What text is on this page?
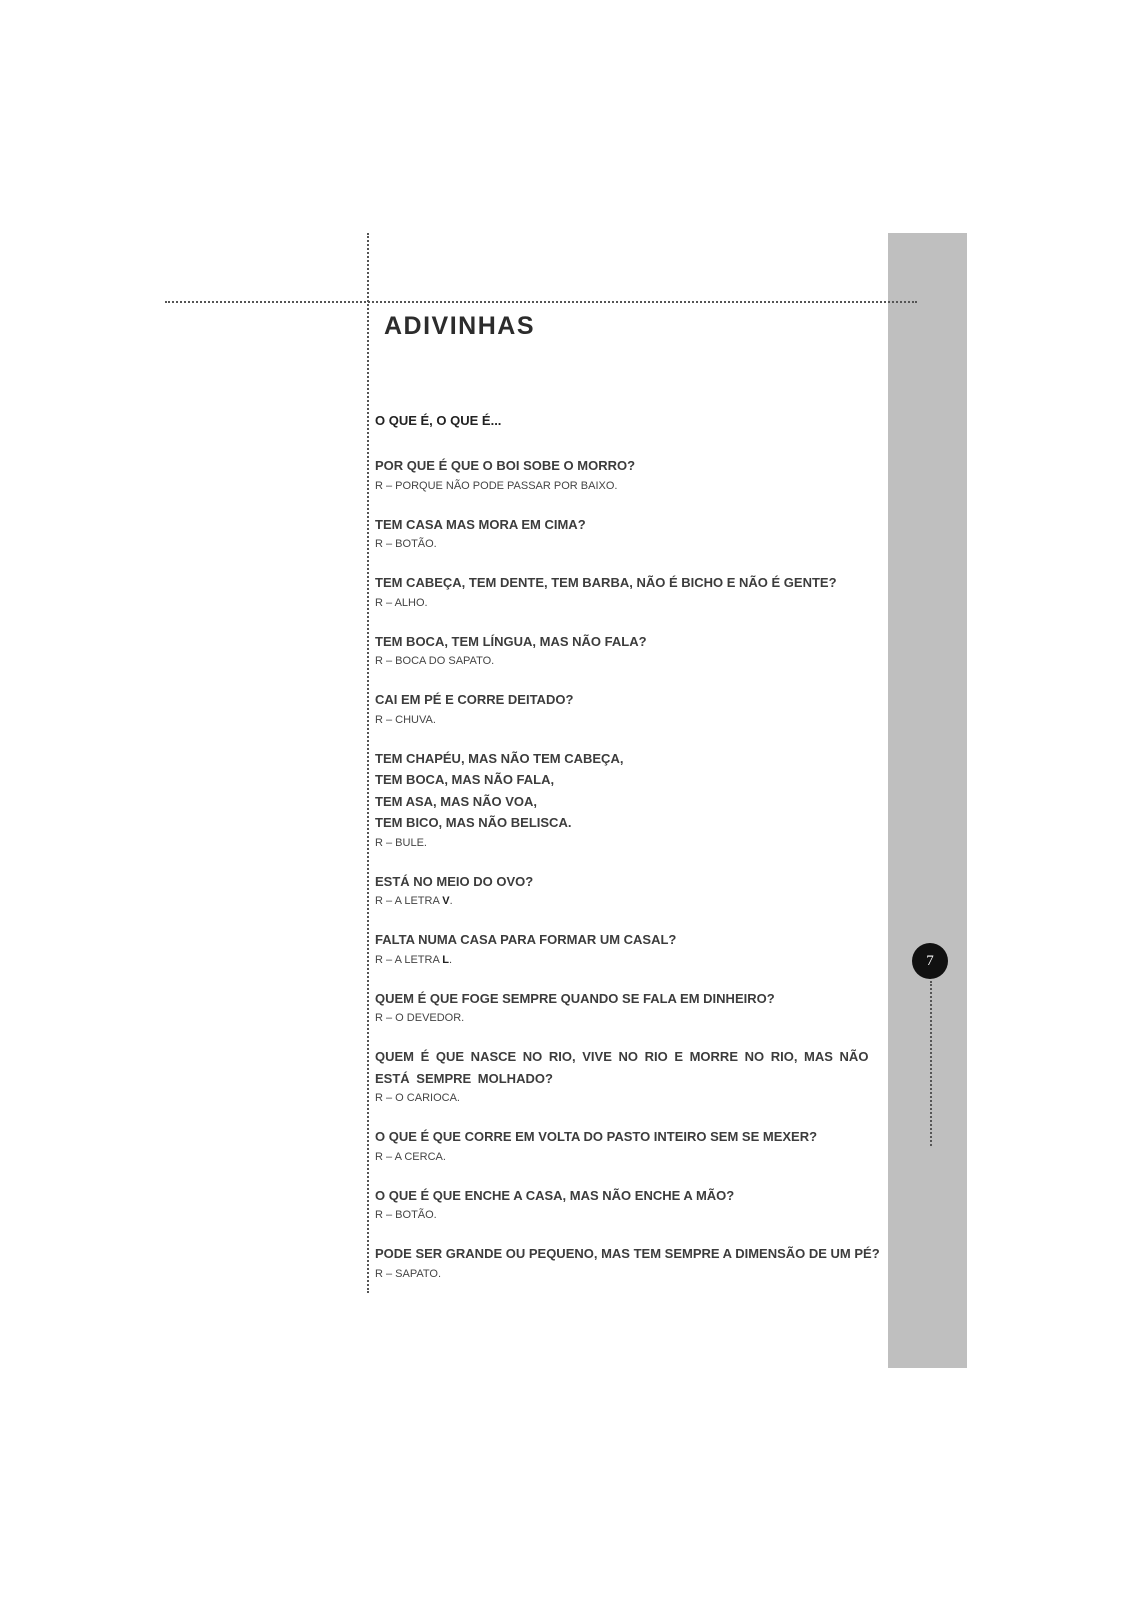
ADIVINHAS
O QUE É, O QUE É...
POR QUE É QUE O BOI SOBE O MORRO?
R – PORQUE NÃO PODE PASSAR POR BAIXO.
TEM CASA MAS MORA EM CIMA?
R – BOTÃO.
TEM CABEÇA, TEM DENTE, TEM BARBA, NÃO É BICHO E NÃO É GENTE?
R – ALHO.
TEM BOCA, TEM LÍNGUA, MAS NÃO FALA?
R – BOCA DO SAPATO.
CAI EM PÉ E CORRE DEITADO?
R – CHUVA.
TEM CHAPÉU, MAS NÃO TEM CABEÇA,
TEM BOCA, MAS NÃO FALA,
TEM ASA, MAS NÃO VOA,
TEM BICO, MAS NÃO BELISCA.
R – BULE.
ESTÁ NO MEIO DO OVO?
R – A LETRA V.
FALTA NUMA CASA PARA FORMAR UM CASAL?
R – A LETRA L.
QUEM É QUE FOGE SEMPRE QUANDO SE FALA EM DINHEIRO?
R – O DEVEDOR.
QUEM É QUE NASCE NO RIO, VIVE NO RIO E MORRE NO RIO, MAS NÃO ESTÁ SEMPRE MOLHADO?
R – O CARIOCA.
O QUE É QUE CORRE EM VOLTA DO PASTO INTEIRO SEM SE MEXER?
R – A CERCA.
O QUE É QUE ENCHE A CASA, MAS NÃO ENCHE A MÃO?
R – BOTÃO.
PODE SER GRANDE OU PEQUENO, MAS TEM SEMPRE A DIMENSÃO DE UM PÉ?
R – SAPATO.
7
